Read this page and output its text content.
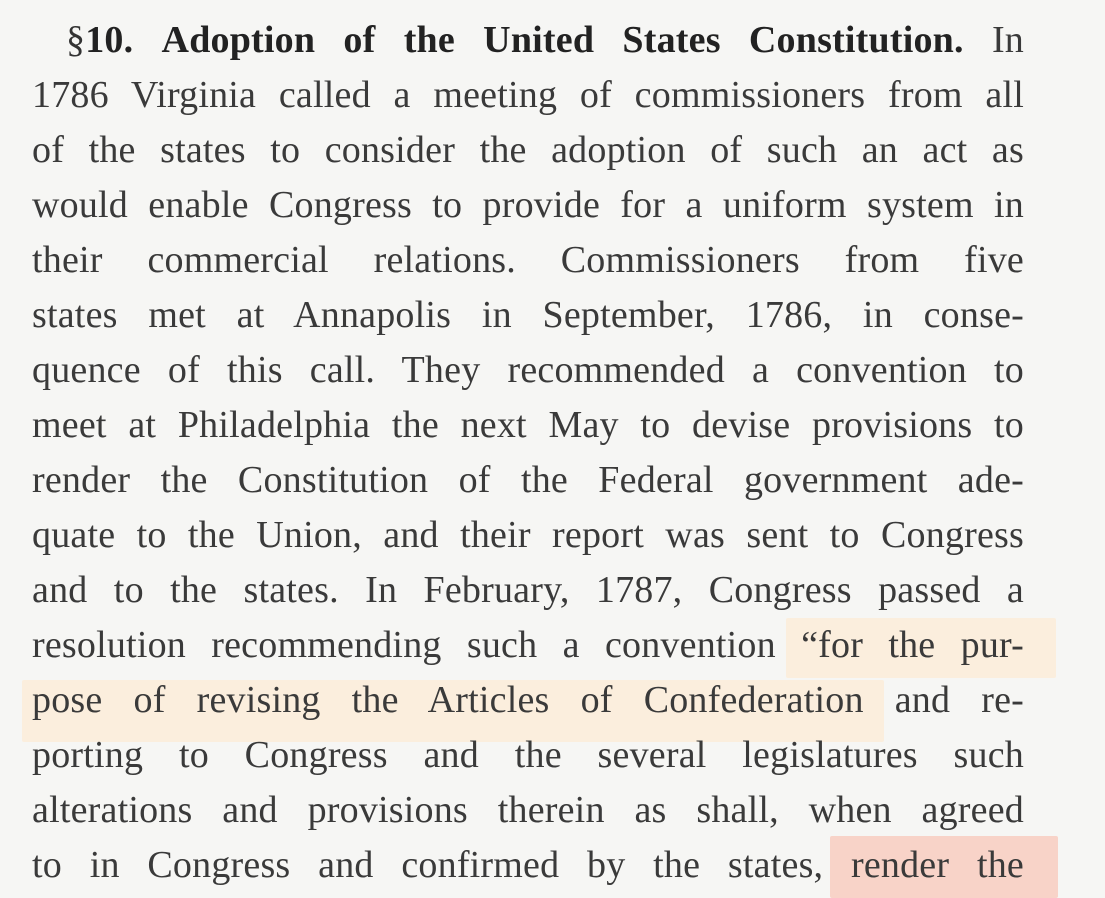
§10. Adoption of the United States Constitution. In
1786 Virginia called a meeting of commissioners from all
of the states to consider the adoption of such an act as
would enable Congress to provide for a uniform system in
their commercial relations. Commissioners from five
states met at Annapolis in September, 1786, in conse-
quence of this call. They recommended a convention to
meet at Philadelphia the next May to devise provisions to
render the Constitution of the Federal government ade-
quate to the Union, and their report was sent to Congress
and to the states. In February, 1787, Congress passed a
resolution recommending such a convention “for the pur-
pose of revising the Articles of Confederation and re-
porting to Congress and the several legislatures such
alterations and provisions therein as shall, when agreed
to in Congress and confirmed by the states, render the
